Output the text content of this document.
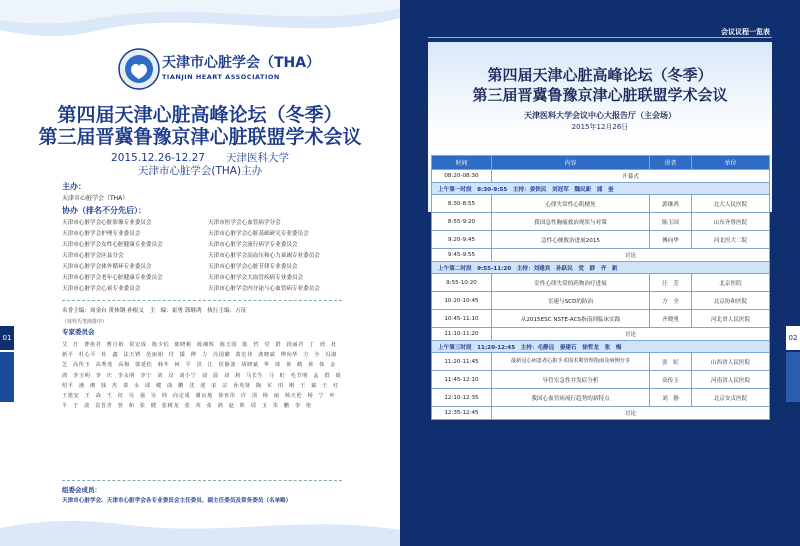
天津市心脏学会（THA）
TIANJIN HEART ASSOCIATION
第四届天津心脏高峰论坛（冬季）
第三届晋冀鲁豫京津心脏联盟学术会议
2015.12.26-12.27　　天津医科大学
天津市心脏学会(THA)主办
主办：
天津市心脏学会（THA）
协办（排名不分先后）：
天津市心脏学会心脏影像专业委员会
天津市心脏学会护理专业委员会
天津市心脏学会女性心脏健康专业委员会
天津市心脏学会区县分会
天津市心脏学会体外循环专业委员会
天津市心脏学会老年心脏健康专业委员会
天津市心脏学会心衰专业委员会
天津市医学会心血管病学分会
天津市心脏学会心脏基础研究专业委员会
天津市心脏学会流行病学专业委员会
天津市心脏学会高血压和心力衰竭专业委员会
天津市心脏学会心脏节律专业委员会
天津市心脏学会大血管疾病专业委员会
天津市心脏学会内分泌与心血管病专业委员会
名誉主编：周金台 黄体钢 孙根义　主　编：霍勇 郭继鸿　执行主编：万征
（按姓氏笔画排序）
专家委员会
艾 玎 曹艳君 曹月娟 常宏成 陈少伯 陈晓彬 陈湘辉 陈玉国 陈 哲 党 群 段丽君 丁 欣 杜新平 杜心平 杜 鑫 法天锷 范丽娟 付 援 傅 力 冯国璐 葛宏伟 龚晓斌 傅向华 方 全 冯淑芝 高传玉 高秀莲 高梅 郭延松 韩冬 何 平 洪 江 侯静波 胡晓斌 华 琦 黄 鹤 黄 体 金 鸿 李玉明 李 庆 李永明 李宁 刘 汉 刘小宁 刘 晨 刘 莉 马长生 马 虹 毛节明 孟 群 聂绍平 潘 湘 钱 杰 秦 永 邱 健 曲 鹏 沈 迎 宋 宗 孙英贤 陶 军 田 刚 王 斌 王 红 王建安 王 焱 王 征 吴 强 吴 炜 向定成 谢良地 徐亚伟 许 顶 杨 丽 杨天伦 杨 宁 叶 平 于 波 袁晋青 曾 和 张 健 张树龙 张 英 张 鸿 赵 昕 周 玉 朱 鹏 李 艳
组委会成员：
天津市心脏学会、天津市心脏学会各专业委员会主任委员、副主任委员及常务委员（名单略）
01
会议议程一览表
第四届天津心脏高峰论坛（冬季）
第三届晋冀鲁豫京津心脏联盟学术会议
天津医科大学会议中心大报告厅（主会场）
2015年12月26日
时间	内容	讲者	单位
08:20-08:30	开幕式		
上午第一时段　8:30-9:55　主持：姜铁民　刘冠军　魏民新　浦　奎			
8:30-8:55	心律失常性心肌梗死	郭继鸿	北大人民医院
8:55-9:20	我国急性胸痛救治现状与对策	陈玉国	山东齐鲁医院
9:20-9:45	急性心梗救治进展2015	傅向华	河北医大二院
9:45-9:55	讨论		
上午第二时段　9:55-11:20　主持：刘建宾　孙跃民　党　群　齐　新			
9:55-10:20	室性心律失常的药物治疗进展	汪　芳	北京医院
10:20-10:45	室速与SCD的防治	方　全	北京协和医院
10:45-11:10	从2015ESC NSTE-ACS指南到临床实践	齐晓勇	河北省人民医院
11:10-11:20	讨论		
上午第三时段　11:20-12:45　主持：毛静远　晏建石　徐哲龙　张　梅			
11:20-11:45	最新冠心病患者心脏手术围术期管理指南及病例分享	张　虹	山西省人民医院
11:45-12:10	导管室急性并发症分析	高传玉	河南省人民医院
12:10-12:35	我国心血管病流行趋势的新特点	刘　静	北京安贞医院
12:35-12:45	讨论		
02
